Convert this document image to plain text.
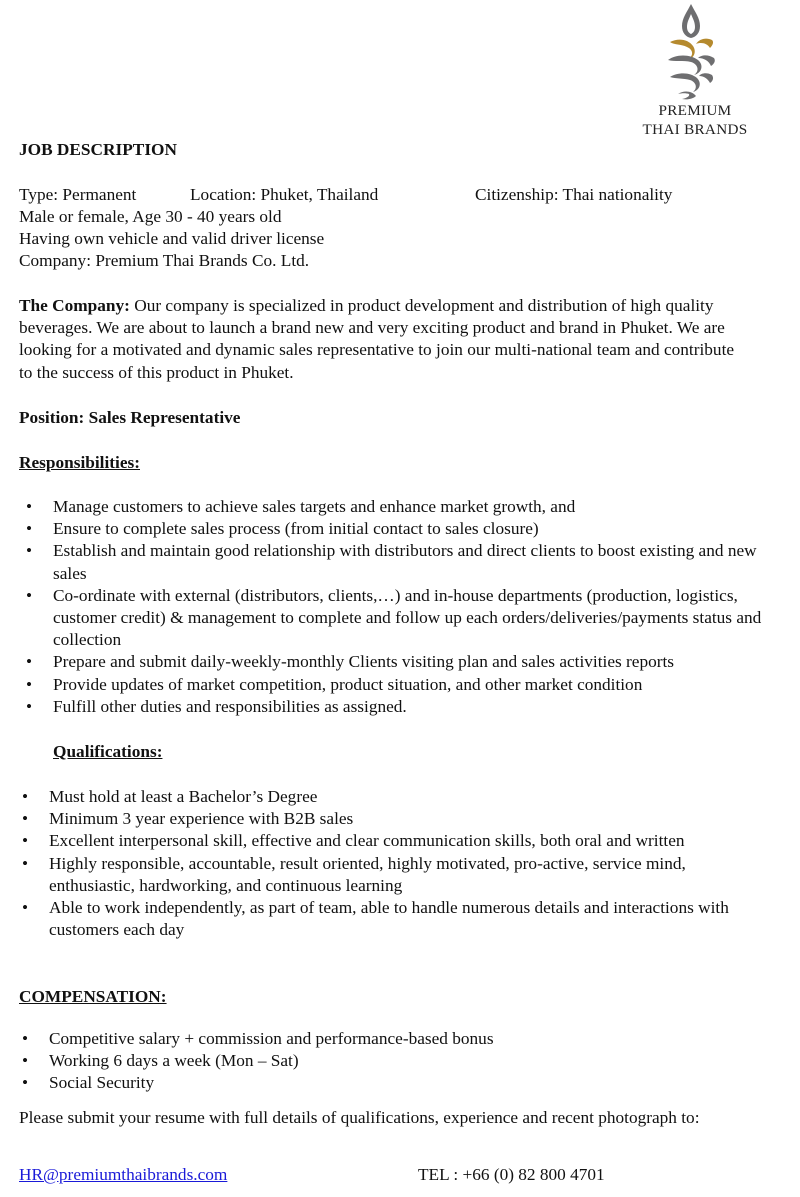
PREMIUM
THAI BRANDS
JOB DESCRIPTION
Type: Permanent	Location: Phuket, Thailand	Citizenship: Thai nationality
Male or female, Age 30 - 40 years old
Having own vehicle and valid driver license
Company: Premium Thai Brands Co. Ltd.
The Company: Our company is specialized in product development and distribution of high quality beverages. We are about to launch a brand new and very exciting product and brand in Phuket. We are looking for a motivated and dynamic sales representative to join our multi-national team and contribute to the success of this product in Phuket.
Position: Sales Representative
Responsibilities:
• Manage customers to achieve sales targets and enhance market growth, and
• Ensure to complete sales process (from initial contact to sales closure)
• Establish and maintain good relationship with distributors and direct clients to boost existing and new sales
• Co-ordinate with external (distributors, clients,…) and in-house departments (production, logistics, customer credit) & management to complete and follow up each orders/deliveries/payments status and collection
• Prepare and submit daily-weekly-monthly Clients visiting plan and sales activities reports
• Provide updates of market competition, product situation, and other market condition
• Fulfill other duties and responsibilities as assigned.
Qualifications:
• Must hold at least a Bachelor’s Degree
• Minimum 3 year experience with B2B sales
• Excellent interpersonal skill, effective and clear communication skills, both oral and written
• Highly responsible, accountable, result oriented, highly motivated, pro-active, service mind, enthusiastic, hardworking, and continuous learning
• Able to work independently, as part of team, able to handle numerous details and interactions with customers each day
COMPENSATION:
• Competitive salary + commission and performance-based bonus
• Working 6 days a week (Mon – Sat)
• Social Security
Please submit your resume with full details of qualifications, experience and recent photograph to:
HR@premiumthaibrands.com	TEL : +66 (0) 82 800 4701
